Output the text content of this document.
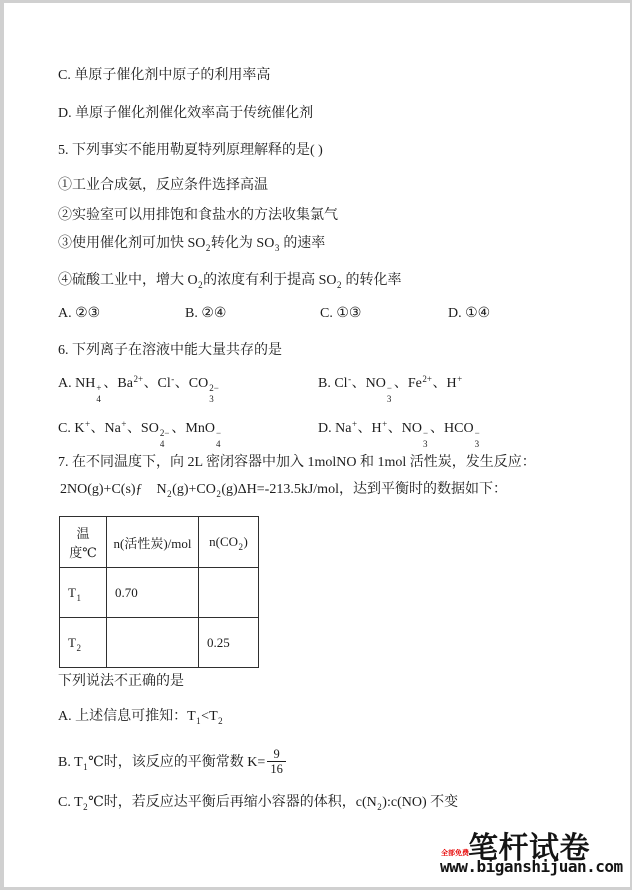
全部免费 笔杆试卷
www.biganshijuan.com
C. 单原子催化剂中原子的利用率高
D. 单原子催化剂催化效率高于传统催化剂
5. 下列事实不能用勒夏特列原理解释的是( )
①工业合成氨，反应条件选择高温
②实验室可以用排饱和食盐水的方法收集氯气
③使用催化剂可加快 $SO_2$转化为 $SO_3$ 的速率
④硫酸工业中，增大 $O_2$的浓度有利于提高 $SO_2$ 的转化率
A. ②③	B. ②④	C. ①③	D. ①④
6. 下列离子在溶液中能大量共存的是
A. NH +
4
、$Ba^{2+}$、Cl-、CO 2−
3
B. Cl-、NO −
3
、$Fe^{2+}$、H+
C. K+、Na+、SO 2−
4
、MnO −
4
D. Na+、H+、NO −
3
、HCO −
3
7. 在不同温度下，向 2L 密闭容器中加入 1molNO 和 1mol 活性炭，发生反应：
2NO(g)+C(s)ƒ　$N_2(g)+CO_2(g)\Delta H=-213.5kJ$/mol，达到平衡时的数据如下：
下列说法不正确的是
A. 上述信息可推知：$T_1<T_2$
B. $T_1℃$时，该反应的平衡常数 $K= \frac{9}{16}$
C. $T_2℃$时，若反应达平衡后再缩小容器的体积，$c(N_2):c(NO)$ 不变
温度℃	n(活性炭)/mol	$n(CO_2)$
$T_1$	0.70	
$T_2$		0.25
